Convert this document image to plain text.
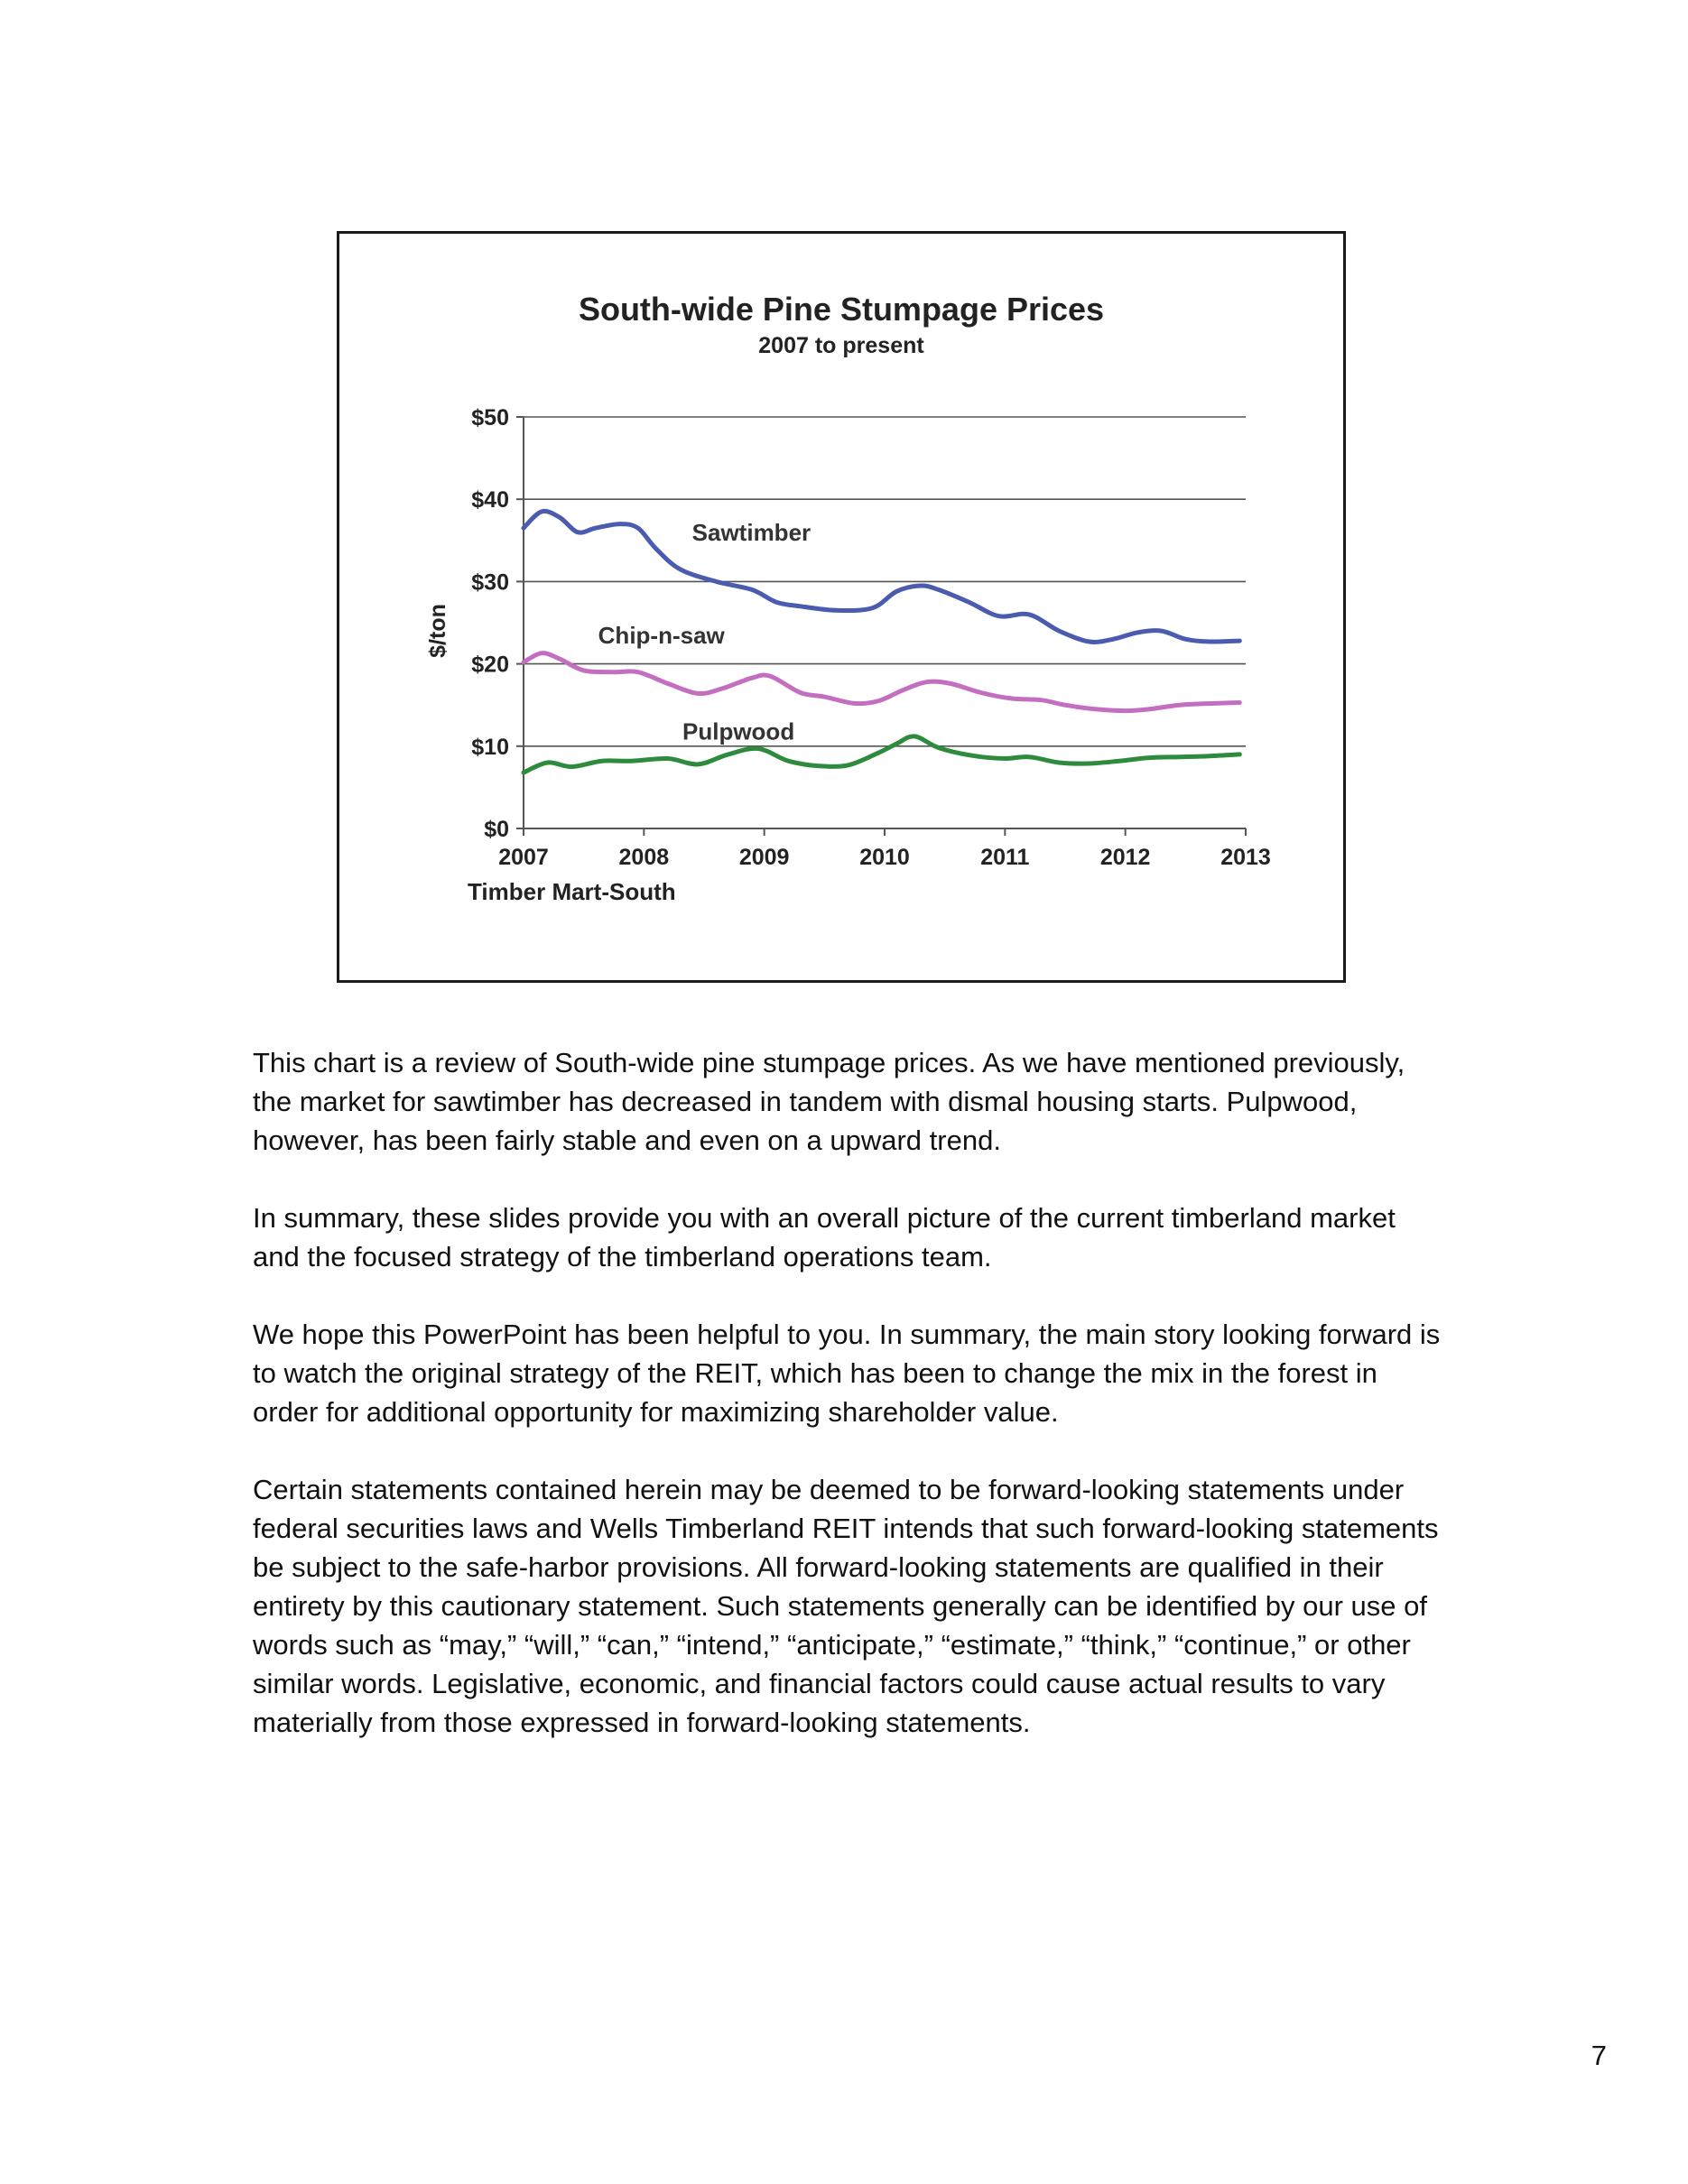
South-wide Pine Stumpage Prices
2007 to present
$0
$10
$20
$30
$40
$50
2007	2008	2009	2010	2011	2012	2013
Sawtimber
Chip-n-saw
Pulpwood
$/ton
Timber Mart-South

This chart is a review of South-wide pine stumpage prices. As we have mentioned previously, the market for sawtimber has decreased in tandem with dismal housing starts. Pulpwood, however, has been fairly stable and even on a upward trend.

In summary, these slides provide you with an overall picture of the current timberland market and the focused strategy of the timberland operations team.

We hope this PowerPoint has been helpful to you. In summary, the main story looking forward is to watch the original strategy of the REIT, which has been to change the mix in the forest in order for additional opportunity for maximizing shareholder value.

Certain statements contained herein may be deemed to be forward-looking statements under federal securities laws and Wells Timberland REIT intends that such forward-looking statements be subject to the safe-harbor provisions. All forward-looking statements are qualified in their entirety by this cautionary statement. Such statements generally can be identified by our use of words such as “may,” “will,” “can,” “intend,” “anticipate,” “estimate,” “think,” “continue,” or other similar words. Legislative, economic, and financial factors could cause actual results to vary materially from those expressed in forward-looking statements.

7
